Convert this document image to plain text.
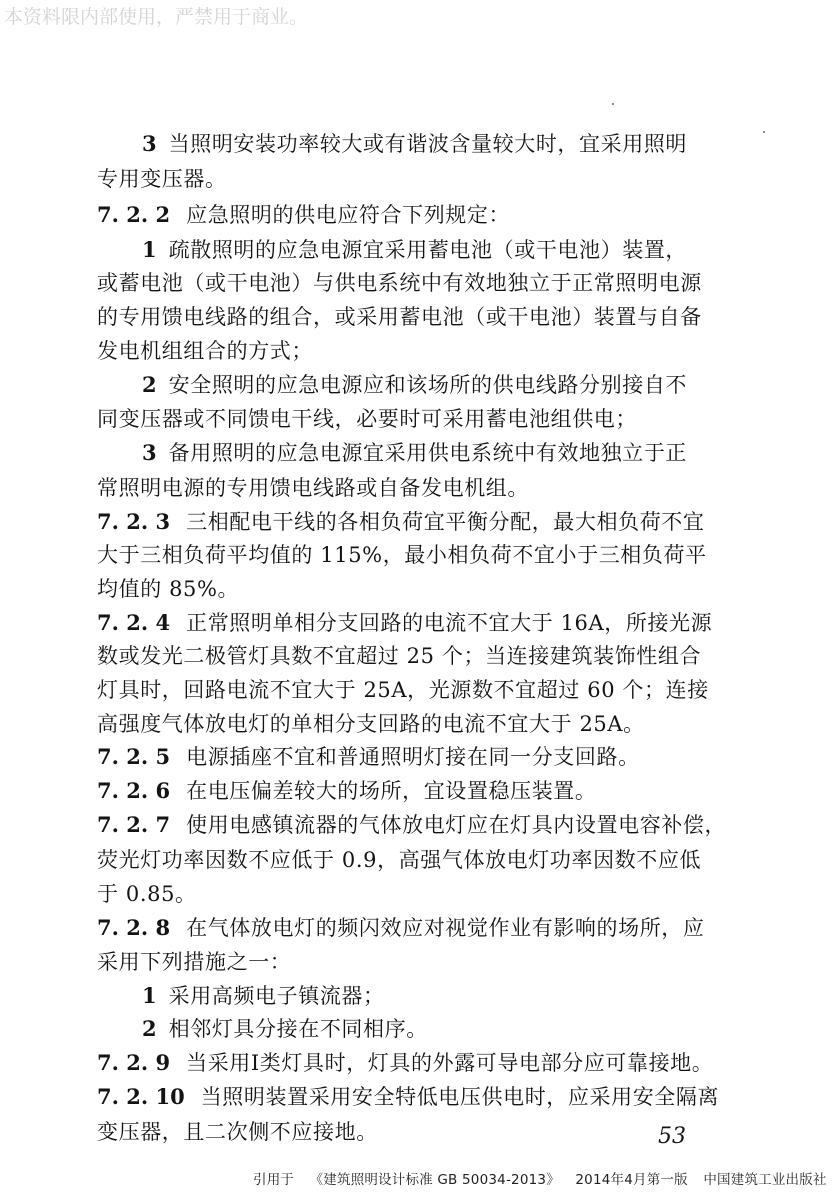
本资料限内部使用，严禁用于商业。
3 当照明安装功率较大或有谐波含量较大时，宜采用照明
专用变压器。
7. 2. 2 应急照明的供电应符合下列规定：
1 疏散照明的应急电源宜采用蓄电池（或干电池）装置，
或蓄电池（或干电池）与供电系统中有效地独立于正常照明电源
的专用馈电线路的组合，或采用蓄电池（或干电池）装置与自备
发电机组组合的方式；
2 安全照明的应急电源应和该场所的供电线路分别接自不
同变压器或不同馈电干线，必要时可采用蓄电池组供电；
3 备用照明的应急电源宜采用供电系统中有效地独立于正
常照明电源的专用馈电线路或自备发电机组。
7. 2. 3 三相配电干线的各相负荷宜平衡分配，最大相负荷不宜
大于三相负荷平均值的 115%，最小相负荷不宜小于三相负荷平
均值的 85%。
7. 2. 4 正常照明单相分支回路的电流不宜大于 16A，所接光源
数或发光二极管灯具数不宜超过 25 个；当连接建筑装饰性组合
灯具时，回路电流不宜大于 25A，光源数不宜超过 60 个；连接
高强度气体放电灯的单相分支回路的电流不宜大于 25A。
7. 2. 5 电源插座不宜和普通照明灯接在同一分支回路。
7. 2. 6 在电压偏差较大的场所，宜设置稳压装置。
7. 2. 7 使用电感镇流器的气体放电灯应在灯具内设置电容补偿，
荧光灯功率因数不应低于 0.9，高强气体放电灯功率因数不应低
于 0.85。
7. 2. 8 在气体放电灯的频闪效应对视觉作业有影响的场所，应
采用下列措施之一：
1 采用高频电子镇流器；
2 相邻灯具分接在不同相序。
7. 2. 9 当采用Ⅰ类灯具时，灯具的外露可导电部分应可靠接地。
7. 2. 10 当照明装置采用安全特低电压供电时，应采用安全隔离
变压器，且二次侧不应接地。	53
引用于 《建筑照明设计标准 GB 50034-2013》 2014年4月第一版 中国建筑工业出版社
